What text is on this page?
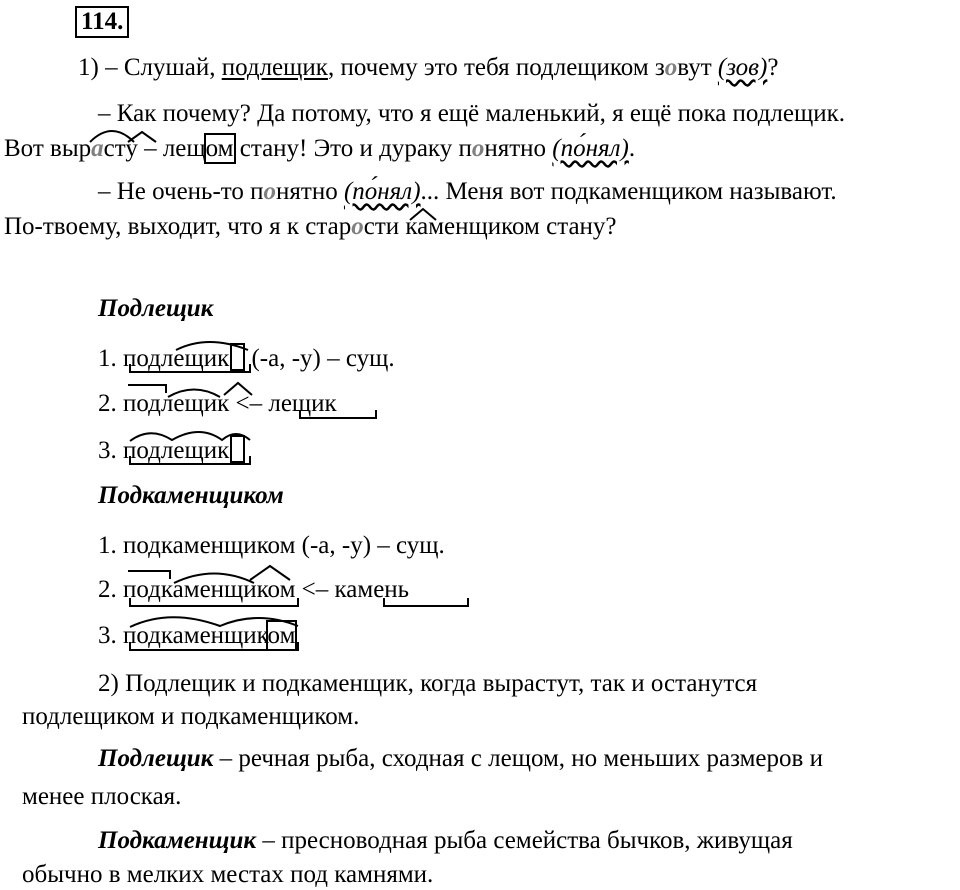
114.
1) – Слушай, подлещик, почему это тебя подлещиком зовут (зов)?
– Как почему? Да потому, что я ещё маленький, я ещё пока подлещик.
Вот вырасту – лещом стану! Это и дураку понятно (по́нял).
– Не очень-то понятно (по́нял)... Меня вот подкаменщиком называют.
По-твоему, выходит, что я к старости каменщиком стану?
Подлещик
1. подлещик (-а, -у) – сущ.
2. подлещик <– лещик
3. подлещик
Подкаменщиком
1. подкаменщиком (-а, -у) – сущ.
2. подкаменщиком <– камень
3. подкаменщиком
2) Подлещик и подкаменщик, когда вырастут, так и останутся
подлещиком и подкаменщиком.
Подлещик – речная рыба, сходная с лещом, но меньших размеров и
менее плоская.
Подкаменщик – пресноводная рыба семейства бычков, живущая
обычно в мелких местах под камнями.
